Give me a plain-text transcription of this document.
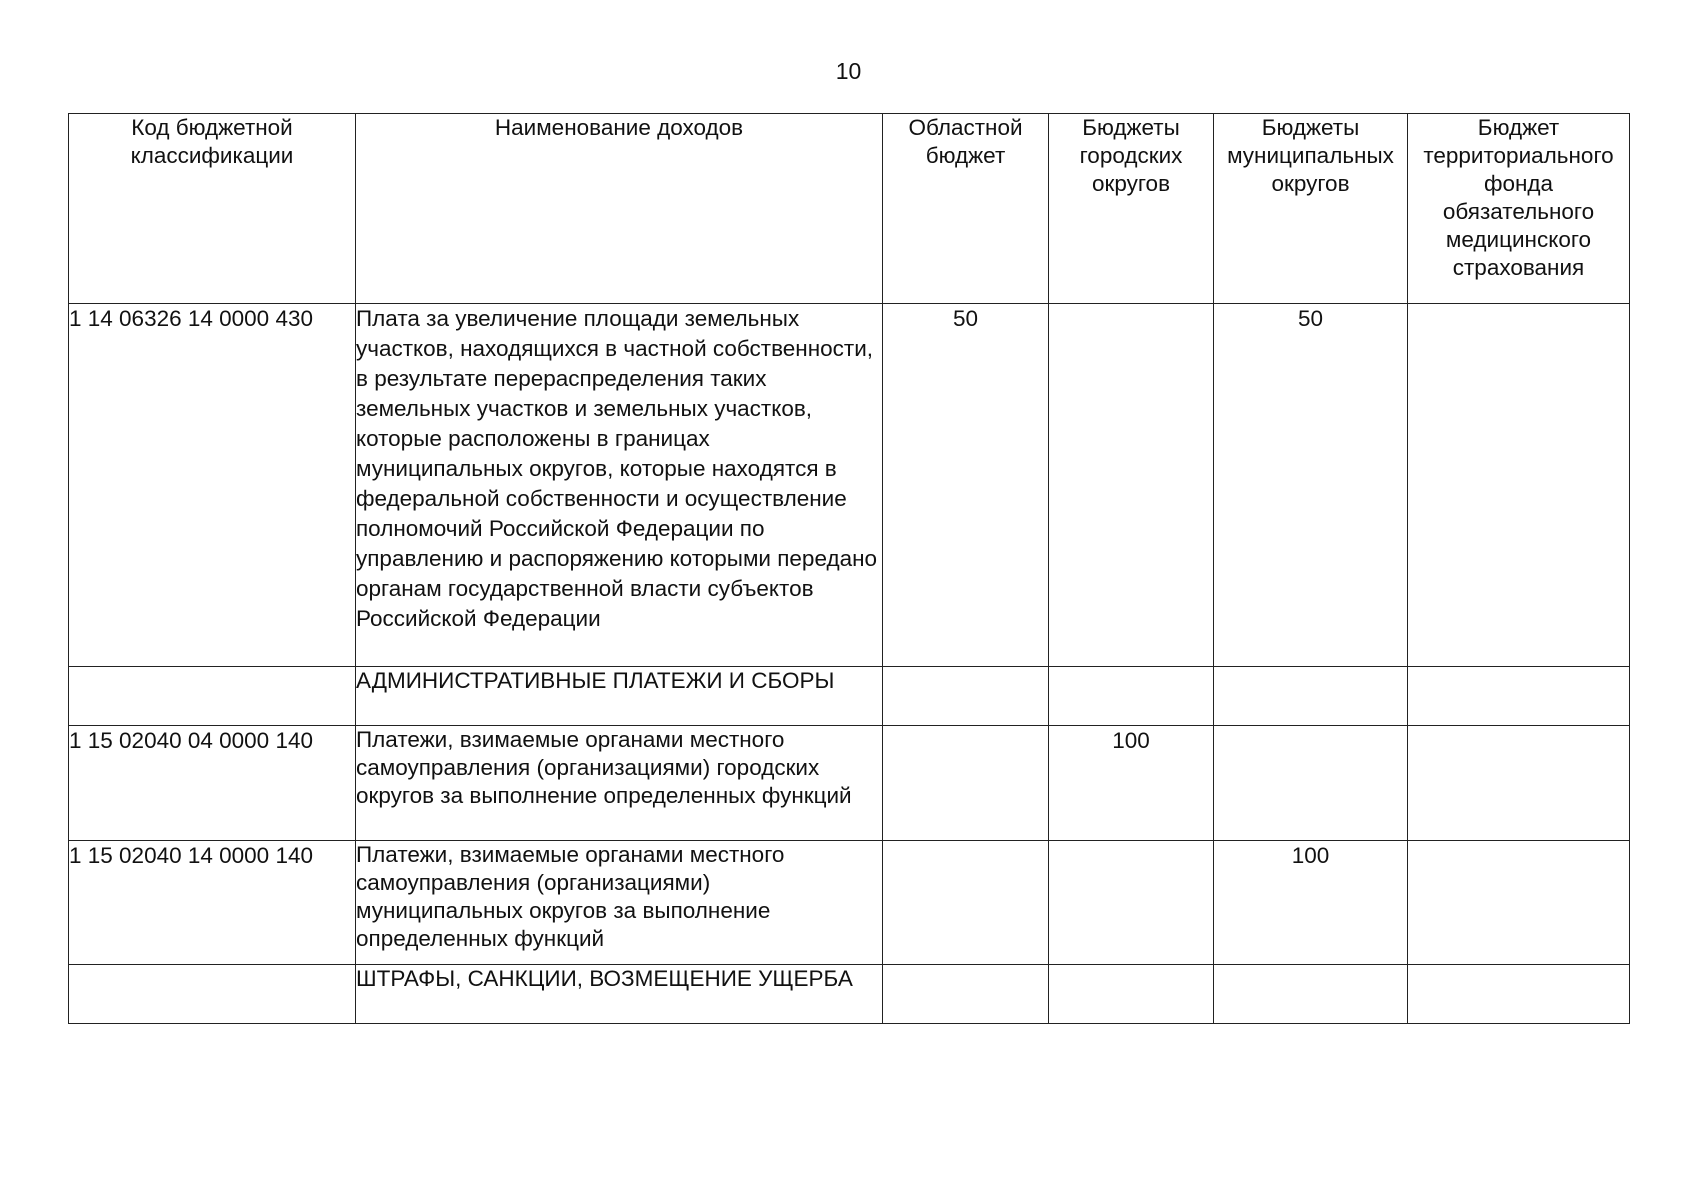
10
Код бюджетной классификации	Наименование доходов	Областной бюджет	Бюджеты городских округов	Бюджеты муниципальных округов	Бюджет территориального фонда обязательного медицинского страхования
1 14 06326 14 0000 430	Плата за увеличение площади земельных участков, находящихся в частной собственности, в результате перераспределения таких земельных участков и земельных участков, которые расположены в границах муниципальных округов, которые находятся в федеральной собственности и осуществление полномочий Российской Федерации по управлению и распоряжению которыми передано органам государственной власти субъектов Российской Федерации	50		50	
	АДМИНИСТРАТИВНЫЕ ПЛАТЕЖИ И СБОРЫ				
1 15 02040 04 0000 140	Платежи, взимаемые органами местного самоуправления (организациями) городских округов за выполнение определенных функций		100		
1 15 02040 14 0000 140	Платежи, взимаемые органами местного самоуправления (организациями) муниципальных округов за выполнение определенных функций			100	
	ШТРАФЫ, САНКЦИИ, ВОЗМЕЩЕНИЕ УЩЕРБА				
